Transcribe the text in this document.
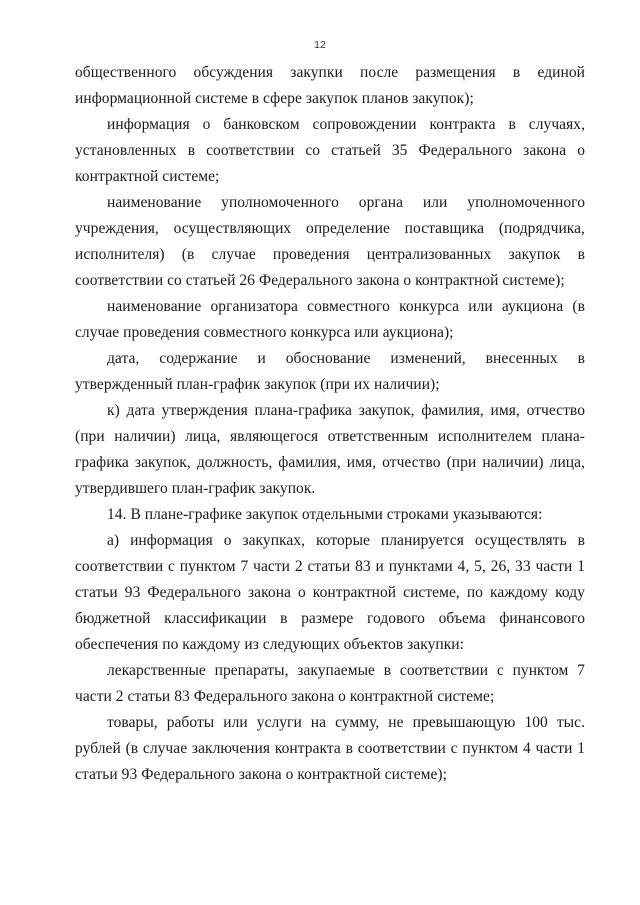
12

общественного обсуждения закупки после размещения в единой информационной системе в сфере закупок планов закупок);

информация о банковском сопровождении контракта в случаях, установленных в соответствии со статьей 35 Федерального закона о контрактной системе;

наименование уполномоченного органа или уполномоченного учреждения, осуществляющих определение поставщика (подрядчика, исполнителя) (в случае проведения централизованных закупок в соответствии со статьей 26 Федерального закона о контрактной системе);

наименование организатора совместного конкурса или аукциона (в случае проведения совместного конкурса или аукциона);

дата, содержание и обоснование изменений, внесенных в утвержденный план-график закупок (при их наличии);

к) дата утверждения плана-графика закупок, фамилия, имя, отчество (при наличии) лица, являющегося ответственным исполнителем плана-графика закупок, должность, фамилия, имя, отчество (при наличии) лица, утвердившего план-график закупок.

14. В плане-графике закупок отдельными строками указываются:

а) информация о закупках, которые планируется осуществлять в соответствии с пунктом 7 части 2 статьи 83 и пунктами 4, 5, 26, 33 части 1 статьи 93 Федерального закона о контрактной системе, по каждому коду бюджетной классификации в размере годового объема финансового обеспечения по каждому из следующих объектов закупки:

лекарственные препараты, закупаемые в соответствии с пунктом 7 части 2 статьи 83 Федерального закона о контрактной системе;

товары, работы или услуги на сумму, не превышающую 100 тыс. рублей (в случае заключения контракта в соответствии с пунктом 4 части 1 статьи 93 Федерального закона о контрактной системе);
